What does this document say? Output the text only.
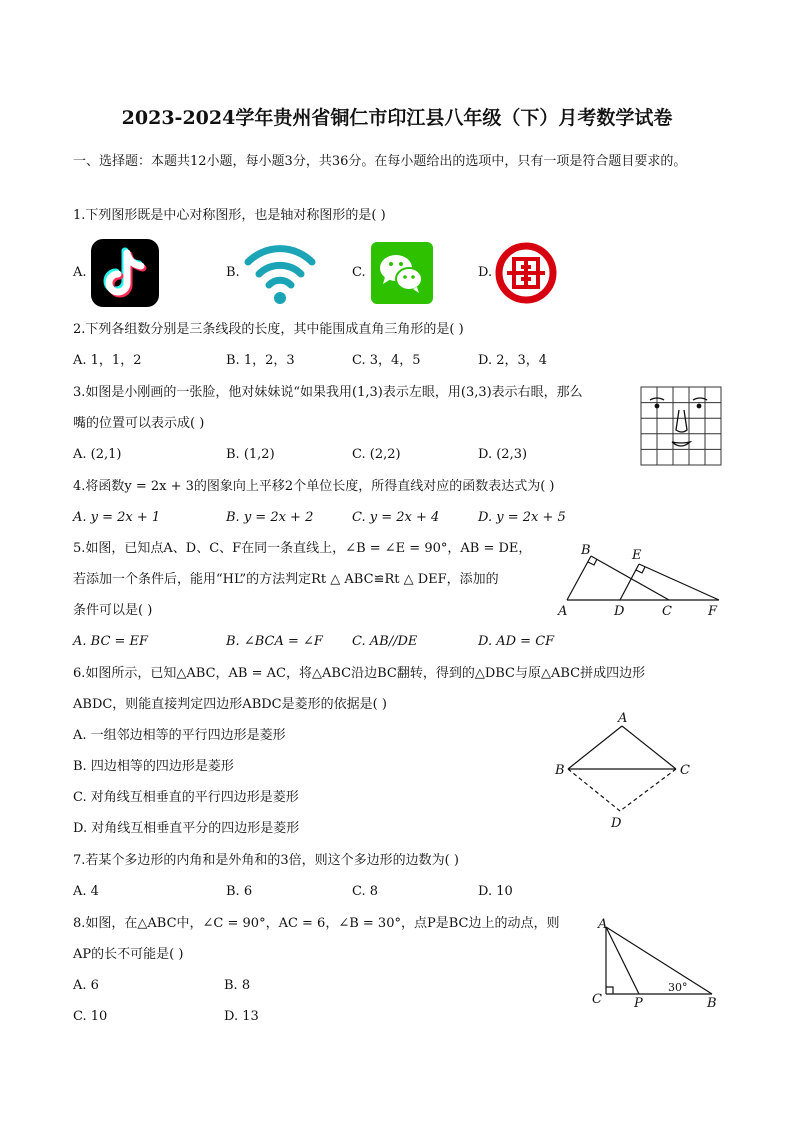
2023-2024学年贵州省铜仁市印江县八年级（下）月考数学试卷
一、选择题：本题共12小题，每小题3分，共36分。在每小题给出的选项中，只有一项是符合题目要求的。
1.下列图形既是中心对称图形，也是轴对称图形的是( )
A.	B.	C.	D.
2.下列各组数分别是三条线段的长度，其中能围成直角三角形的是( )
A. 1，1，2	B. 1，2，3	C. 3，4，5	D. 2，3，4
3.如图是小刚画的一张脸，他对妹妹说“如果我用(1,3)表示左眼，用(3,3)表示右眼，那么
嘴的位置可以表示成( )
A. (2,1)	B. (1,2)	C. (2,2)	D. (2,3)
4.将函数y = 2x + 3的图象向上平移2个单位长度，所得直线对应的函数表达式为( )
A. y = 2x + 1	B. y = 2x + 2	C. y = 2x + 4	D. y = 2x + 5
5.如图，已知点A、D、C、F在同一条直线上，∠B = ∠E = 90°，AB = DE，
若添加一个条件后，能用“HL”的方法判定Rt △ ABC≌Rt △ DEF，添加的
条件可以是( )
A. BC = EF	B. ∠BCA = ∠F C. AB//DE	D. AD = CF
B	E
A	D	C	F
6.如图所示，已知△ABC，AB = AC，将△ABC沿边BC翻转，得到的△DBC与原△ABC拼成四边形
ABDC，则能直接判定四边形ABDC是菱形的依据是( )
A. 一组邻边相等的平行四边形是菱形
B. 四边相等的四边形是菱形
C. 对角线互相垂直的平行四边形是菱形
D. 对角线互相垂直平分的四边形是菱形
A
B	C
D
7.若某个多边形的内角和是外角和的3倍，则这个多边形的边数为( )
A. 4	B. 6	C. 8	D. 10
8.如图，在△ABC中，∠C = 90°，AC = 6，∠B = 30°，点P是BC边上的动点，则
AP的长不可能是( )
A. 6	B. 8
C. 10	D. 13
A
C P	B
30°
